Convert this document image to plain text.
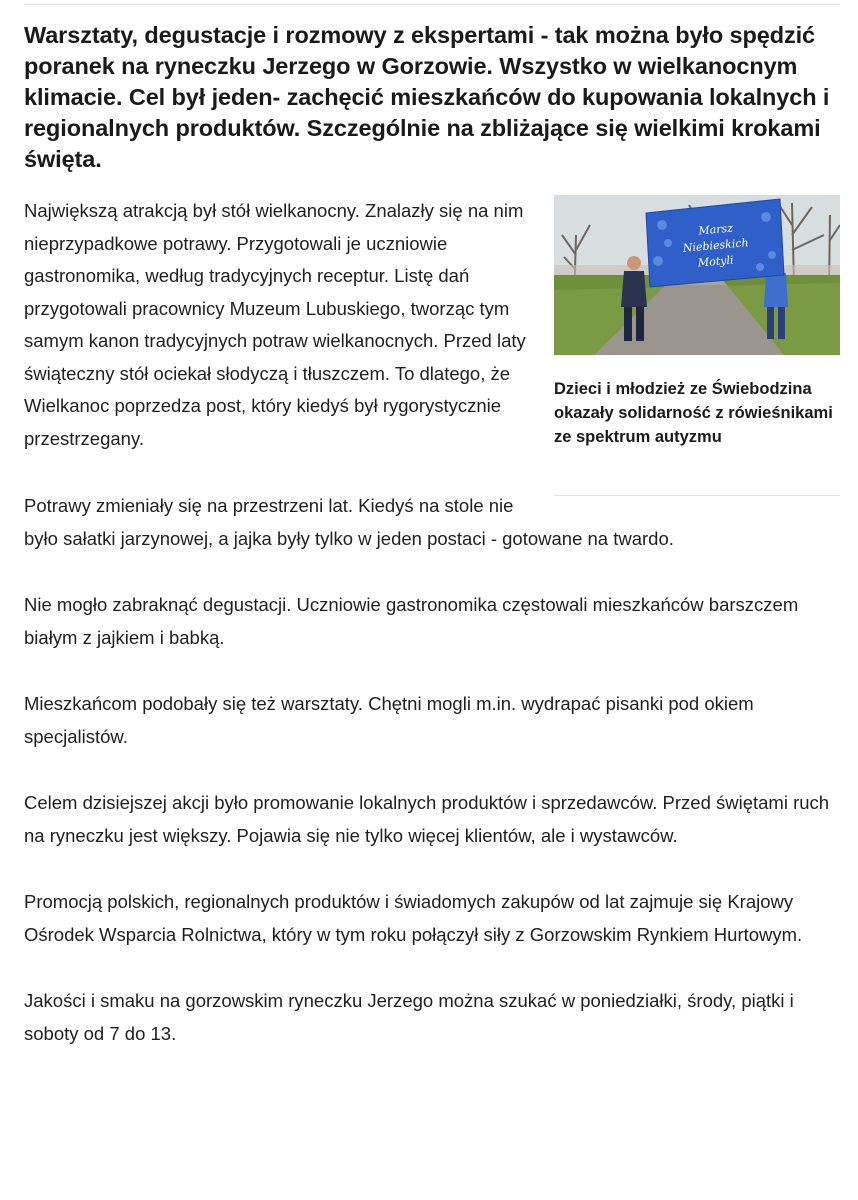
Warsztaty, degustacje i rozmowy z ekspertami - tak można było spędzić poranek na ryneczku Jerzego w Gorzowie. Wszystko w wielkanocnym klimacie. Cel był jeden- zachęcić mieszkańców do kupowania lokalnych i regionalnych produktów. Szczególnie na zbliżające się wielkimi krokami święta.

Marsz
Niebieskich
Motyli

Dzieci i młodzież ze Świebodzina okazały solidarność z rówieśnikami ze spektrum autyzmu

Największą atrakcją był stół wielkanocny. Znalazły się na nim nieprzypadkowe potrawy. Przygotowali je uczniowie gastronomika, według tradycyjnych receptur. Listę dań przygotowali pracownicy Muzeum Lubuskiego, tworząc tym samym kanon tradycyjnych potraw wielkanocnych. Przed laty świąteczny stół ociekał słodyczą i tłuszczem. To dlatego, że Wielkanoc poprzedza post, który kiedyś był rygorystycznie przestrzegany.

Potrawy zmieniały się na przestrzeni lat. Kiedyś na stole nie było sałatki jarzynowej, a jajka były tylko w jeden postaci - gotowane na twardo.

Nie mogło zabraknąć degustacji. Uczniowie gastronomika częstowali mieszkańców barszczem białym z jajkiem i babką.

Mieszkańcom podobały się też warsztaty. Chętni mogli m.in. wydrapać pisanki pod okiem specjalistów.

Celem dzisiejszej akcji było promowanie lokalnych produktów i sprzedawców. Przed świętami ruch na ryneczku jest większy. Pojawia się nie tylko więcej klientów, ale i wystawców.

Promocją polskich, regionalnych produktów i świadomych zakupów od lat zajmuje się Krajowy Ośrodek Wsparcia Rolnictwa, który w tym roku połączył siły z Gorzowskim Rynkiem Hurtowym.

Jakości i smaku na gorzowskim ryneczku Jerzego można szukać w poniedziałki, środy, piątki i soboty od 7 do 13.
